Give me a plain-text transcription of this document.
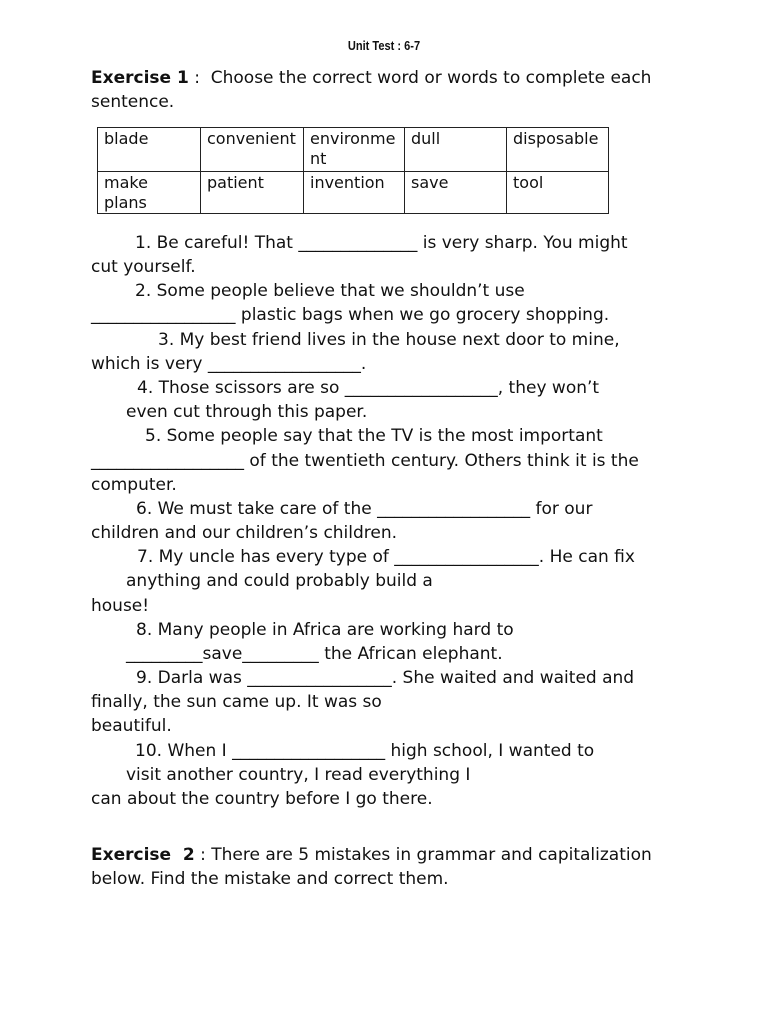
Unit Test : 6-7
Exercise 1 :  Choose the correct word or words to complete each
sentence.
blade	convenient	environment	dull	disposable
make plans	patient	invention	save	tool
1. Be careful! That ______________ is very sharp. You might
cut yourself.
2. Some people believe that we shouldn’t use
_________________ plastic bags when we go grocery shopping.
3. My best friend lives in the house next door to mine,
which is very __________________.
4. Those scissors are so __________________, they won’t
even cut through this paper.
5. Some people say that the TV is the most important
__________________ of the twentieth century. Others think it is the
computer.
6. We must take care of the __________________ for our
children and our children’s children.
7. My uncle has every type of _________________. He can fix
anything and could probably build a
house!
8. Many people in Africa are working hard to
_________save_________ the African elephant.
9. Darla was _________________. She waited and waited and
finally, the sun came up. It was so
beautiful.
10. When I __________________ high school, I wanted to
visit another country, I read everything I
can about the country before I go there.
Exercise  2 : There are 5 mistakes in grammar and capitalization
below. Find the mistake and correct them.
